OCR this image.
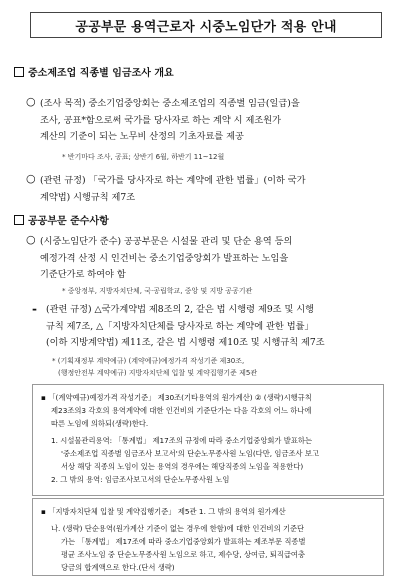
공공부문 용역근로자 시중노임단가 적용 안내
중소제조업 직종별 임금조사 개요
○ (조사 목적) 중소기업중앙회는 중소제조업의 직종별 임금(일급)을
조사, 공표*함으로써 국가를 당사자로 하는 계약 시 제조원가
계산의 기준이 되는 노무비 산정의 기초자료를 제공
* 반기마다 조사, 공표; 상반기 6월, 하반기 11~12월
○ (관련 규정) 「국가를 당사자로 하는 계약에 관한 법률」(이하 국가
계약법) 시행규칙 제7조
공공부문 준수사항
○ (시중노임단가 준수) 공공부문은 시설물 관리 및 단순 용역 등의
예정가격 산정 시 인건비는 중소기업중앙회가 발표하는 노임을
기준단가로 하여야 함
* 중앙정부, 지방자치단체, 국·공립학교, 중앙 및 지방 공공기관
- (관련 규정) △국가계약법 제8조의 2, 같은 법 시행령 제9조 및 시행
규칙 제7조, △「지방자치단체를 당사자로 하는 계약에 관한 법률」
(이하 지방계약법) 제11조, 같은 법 시행령 제10조 및 시행규칙 제7조
* (기획재정부 계약예규) (계약예규)예정가격 작성기준 제30조,
(행정안전부 계약예규) 지방자치단체 입찰 및 계약집행기준 제5관
▪ 「(계약예규)예정가격 작성기준」 제30조(기타용역의 원가계산) ② (생략)시행규칙
제23조의3 각호의 용역계약에 대한 인건비의 기준단가는 다음 각호의 어느 하나에
따른 노임에 의하되(생략)한다.
1. 시설물관리용역: 「통계법」 제17조의 규정에 따라 중소기업중앙회가 발표하는
'중소제조업 직종별 임금조사 보고서'의 단순노무종사원 노임(다만, 임금조사 보고
서상 해당 직종의 노임이 있는 용역의 경우에는 해당직종의 노임을 적용한다)
2. 그 밖의 용역: 임금조사보고서의 단순노무종사원 노임
▪ 「지방자치단체 입찰 및 계약집행기준」 제5관 1. 그 밖의 용역의 원가계산
나. (생략) 단순용역(원가계산 기준이 없는 경우에 한함)에 대한 인건비의 기준단
가는 「통계법」 제17조에 따라 중소기업중앙회가 발표하는 제조부문 직종별
평균 조사노임 중 단순노무종사원 노임으로 하고, 제수당, 상여금, 퇴직급여충
당금의 합계액으로 한다.(단서 생략)
